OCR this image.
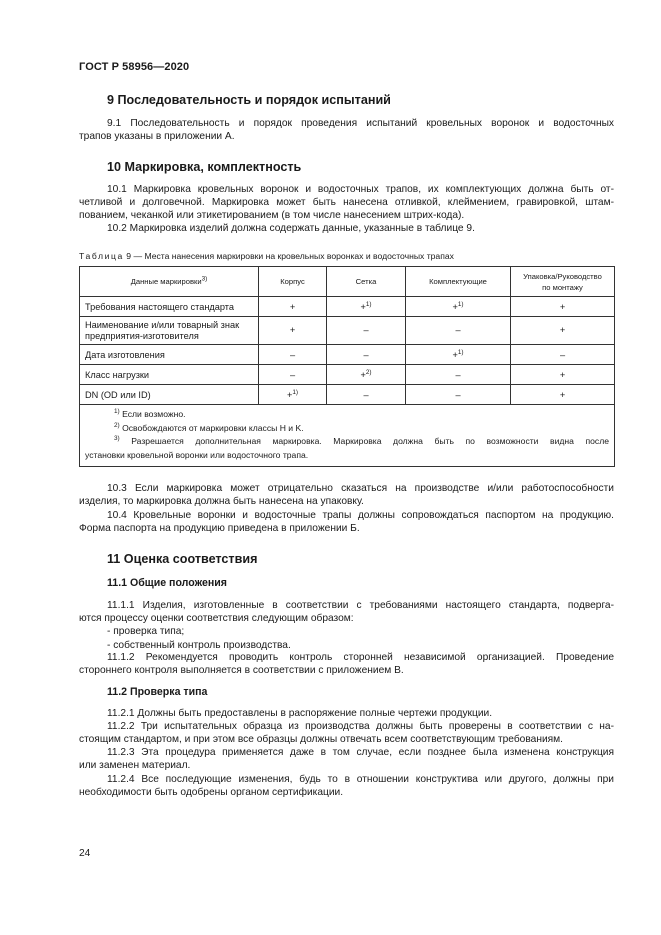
ГОСТ Р 58956—2020
9 Последовательность и порядок испытаний
9.1 Последовательность и порядок проведения испытаний кровельных воронок и водосточных
трапов указаны в приложении А.
10 Маркировка, комплектность
10.1 Маркировка кровельных воронок и водосточных трапов, их комплектующих должна быть от-
четливой и долговечной. Маркировка может быть нанесена отливкой, клеймением, гравировкой, штам-
пованием, чеканкой или этикетированием (в том числе нанесением штрих-кода).
10.2 Маркировка изделий должна содержать данные, указанные в таблице 9.
Таблица 9 — Места нанесения маркировки на кровельных воронках и водосточных трапах
Данные маркировки$^{3)}$	Корпус	Сетка	Комплектующие	Упаковка/Руководство
по монтажу
Требования настоящего стандарта	+	+$^{1)}$	+$^{1)}$	+
Наименование и/или товарный знак
предприятия-изготовителя	+	–	–	+
Дата изготовления	–	–	+$^{1)}$	–
Класс нагрузки	–	+$^{2)}$	–	+
DN (OD или ID)	+$^{1)}$	–	–	+

$^{1)}$ Если возможно.
$^{2)}$ Освобождаются от маркировки классы H и K.
$^{3)}$ Разрешается дополнительная маркировка. Маркировка должна быть по возможности видна после
установки кровельной воронки или водосточного трапа.				
10.3 Если маркировка может отрицательно сказаться на производстве и/или работоспособности
изделия, то маркировка должна быть нанесена на упаковку.
10.4 Кровельные воронки и водосточные трапы должны сопровождаться паспортом на продукцию.
Форма паспорта на продукцию приведена в приложении Б.
11 Оценка соответствия
11.1 Общие положения
11.1.1 Изделия, изготовленные в соответствии с требованиями настоящего стандарта, подверга-
ются процессу оценки соответствия следующим образом:
- проверка типа;
- собственный контроль производства.
11.1.2 Рекомендуется проводить контроль сторонней независимой организацией. Проведение
стороннего контроля выполняется в соответствии с приложением В.
11.2 Проверка типа
11.2.1 Должны быть предоставлены в распоряжение полные чертежи продукции.
11.2.2 Три испытательных образца из производства должны быть проверены в соответствии с на-
стоящим стандартом, и при этом все образцы должны отвечать всем соответствующим требованиям.
11.2.3 Эта процедура применяется даже в том случае, если позднее была изменена конструкция
или заменен материал.
11.2.4 Все последующие изменения, будь то в отношении конструктива или другого, должны при
необходимости быть одобрены органом сертификации.
24
